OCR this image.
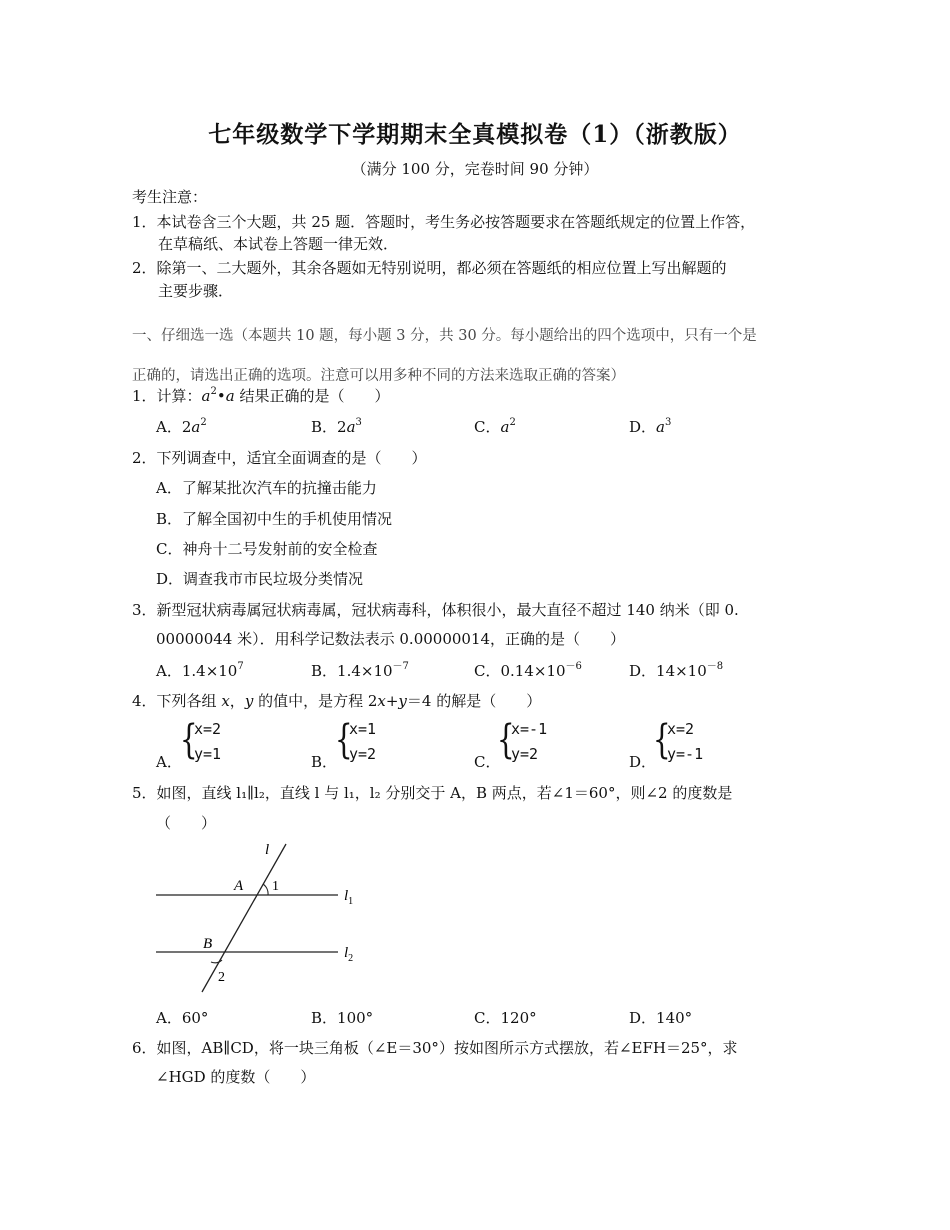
七年级数学下学期期末全真模拟卷（1）（浙教版）
（满分 100 分，完卷时间 90 分钟）
考生注意：
1．本试卷含三个大题，共 25 题．答题时，考生务必按答题要求在答题纸规定的位置上作答，
在草稿纸、本试卷上答题一律无效．
2．除第一、二大题外，其余各题如无特别说明，都必须在答题纸的相应位置上写出解题的
主要步骤．
一、仔细选一选（本题共 10 题，每小题 3 分，共 30 分。每小题给出的四个选项中，只有一个是
正确的，请选出正确的选项。注意可以用多种不同的方法来选取正确的答案）
1．计算：$a^2•a$ 结果正确的是（　　）
A．$2a^2$	B．$2a^3$	C．$a^2$	D．$a^3$
2．下列调查中，适宜全面调查的是（　　）
A．了解某批次汽车的抗撞击能力
B．了解全国初中生的手机使用情况
C．神舟十二号发射前的安全检查
D．调查我市市民垃圾分类情况
3．新型冠状病毒属冠状病毒属，冠状病毒科，体积很小，最大直径不超过 140 纳米（即 0.
00000044 米）．用科学记数法表示 0.00000014，正确的是（　　）
A．$1.4\times 10^7$	B．$1.4\times 10^{-7}$	C．$0.14\times 10^{-6}$	D．$14\times 10^{-8}$
4．下列各组 x，y 的值中，是方程 2x+y＝4 的解是（　　）
A．
{
x=2
y=1	B．
{
x=1
y=2	C．
{
x=-1
y=2	D．
{
x=2
y=-1
5．如图，直线 l₁∥l₂，直线 l 与 l₁，l₂ 分别交于 A，B 两点，若∠1＝60°，则∠2 的度数是
（　　）
l
A 1
$l_1$
B
$l_2$
2
A．60°	B．100°	C．120°	D．140°
6．如图，AB∥CD，将一块三角板（∠E＝30°）按如图所示方式摆放，若∠EFH＝25°，求
∠HGD 的度数（　　）
